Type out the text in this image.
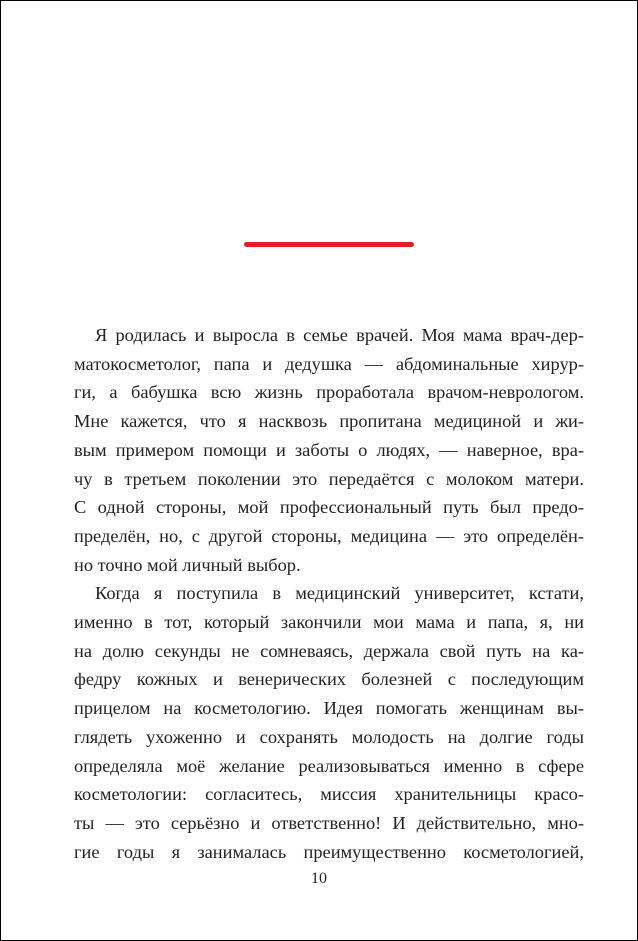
Я родилась и выросла в семье врачей. Моя мама врач-дер-
матокосметолог, папа и дедушка — абдоминальные хирур-
ги, а бабушка всю жизнь проработала врачом-неврологом.
Мне кажется, что я насквозь пропитана медициной и жи-
вым примером помощи и заботы о людях, — наверное, вра-
чу в третьем поколении это передаётся с молоком матери.
С одной стороны, мой профессиональный путь был предо-
пределён, но, с другой стороны, медицина — это определён-
но точно мой личный выбор.
Когда я поступила в медицинский университет, кстати,
именно в тот, который закончили мои мама и папа, я, ни
на долю секунды не сомневаясь, держала свой путь на ка-
федру кожных и венерических болезней с последующим
прицелом на косметологию. Идея помогать женщинам вы-
глядеть ухоженно и сохранять молодость на долгие годы
определяла моё желание реализовываться именно в сфере
косметологии: согласитесь, миссия хранительницы красо-
ты — это серьёзно и ответственно! И действительно, мно-
гие годы я занималась преимущественно косметологией,
10
